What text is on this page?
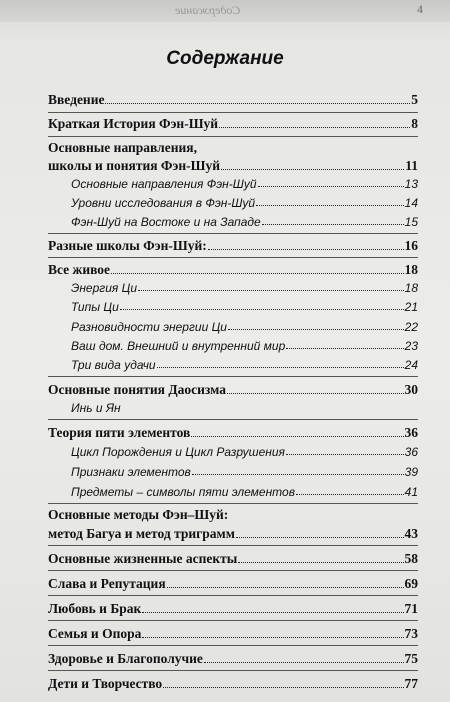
Содержание	4
Содержание
Введение	5
Краткая История Фэн-Шуй	8
Основные направления,
школы и понятия Фэн-Шуй	11
Основные направления Фэн-Шуй	13
Уровни исследования в Фэн-Шуй	14
Фэн-Шуй на Востоке и на Западе	15
Разные школы Фэн-Шуй:	16
Все живое	18
Энергия Ци	18
Типы Ци	21
Разновидности энергии Ци	22
Ваш дом. Внешний и внутренний мир	23
Три вида удачи	24
Основные понятия Даосизма	30
Инь и Ян
Теория пяти элементов	36
Цикл Порождения и Цикл Разрушения	36
Признаки элементов	39
Предметы – символы пяти элементов	41
Основные методы Фэн–Шуй:
метод Багуа и метод триграмм	43
Основные жизненные аспекты	58
Слава и Репутация	69
Любовь и Брак	71
Семья и Опора	73
Здоровье и Благополучие	75
Дети и Творчество	77
